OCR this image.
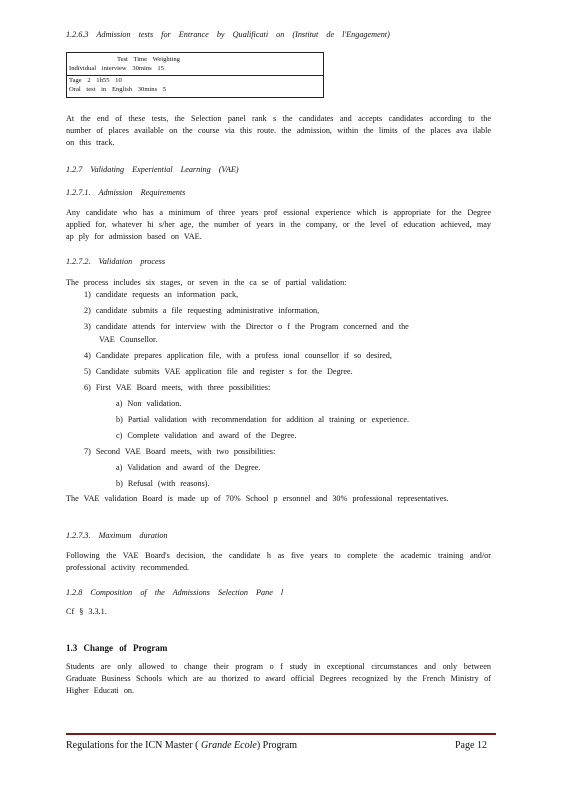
1.2.6.3 Admission tests for Entrance by Qualificati on (Institut de l'Engagement)

Test Time Weighting
Individual interview 30mins 15
Tage 2 1h55 10
Oral test in English 30mins 5

At the end of these tests, the Selection panel rank s the candidates and accepts candidates according to the number of places available on the course via this route. the admission, within the limits of the places ava ilable on this track.

1.2.7 Validating Experiential Learning (VAE)

1.2.7.1. Admission Requirements

Any candidate who has a minimum of three years prof essional experience which is appropriate for the Degree applied for, whatever hi s/her age, the number of years in the company, or the level of education achieved, may ap ply for admission based on VAE.

1.2.7.2. Validation process

The process includes six stages, or seven in the ca se of partial validation:

1) candidate requests an information pack,
2) candidate submits a file requesting administrative information,
3) candidate attends for interview with the Director o f the Program concerned and the
VAE Counsellor.
4) Candidate prepares application file, with a profess ional counsellor if so desired,
5) Candidate submits VAE application file and register s for the Degree.
6) First VAE Board meets, with three possibilities:
a) Non validation.
b) Partial validation with recommendation for addition al training or experience.
c) Complete validation and award of the Degree.
7) Second VAE Board meets, with two possibilities:
a) Validation and award of the Degree.
b) Refusal (with reasons).

The VAE validation Board is made up of 70% School p ersonnel and 30% professional representatives.

1.2.7.3. Maximum duration

Following the VAE Board's decision, the candidate h as five years to complete the academic training and/or professional activity recommended.

1.2.8 Composition of the Admissions Selection Pane l

Cf § 3.3.1.

1.3 Change of Program

Students are only allowed to change their program o f study in exceptional circumstances and only between Graduate Business Schools which are au thorized to award official Degrees recognized by the French Ministry of Higher Educati on.

Regulations for the ICN Master ( Grande Ecole) Program	Page 12
